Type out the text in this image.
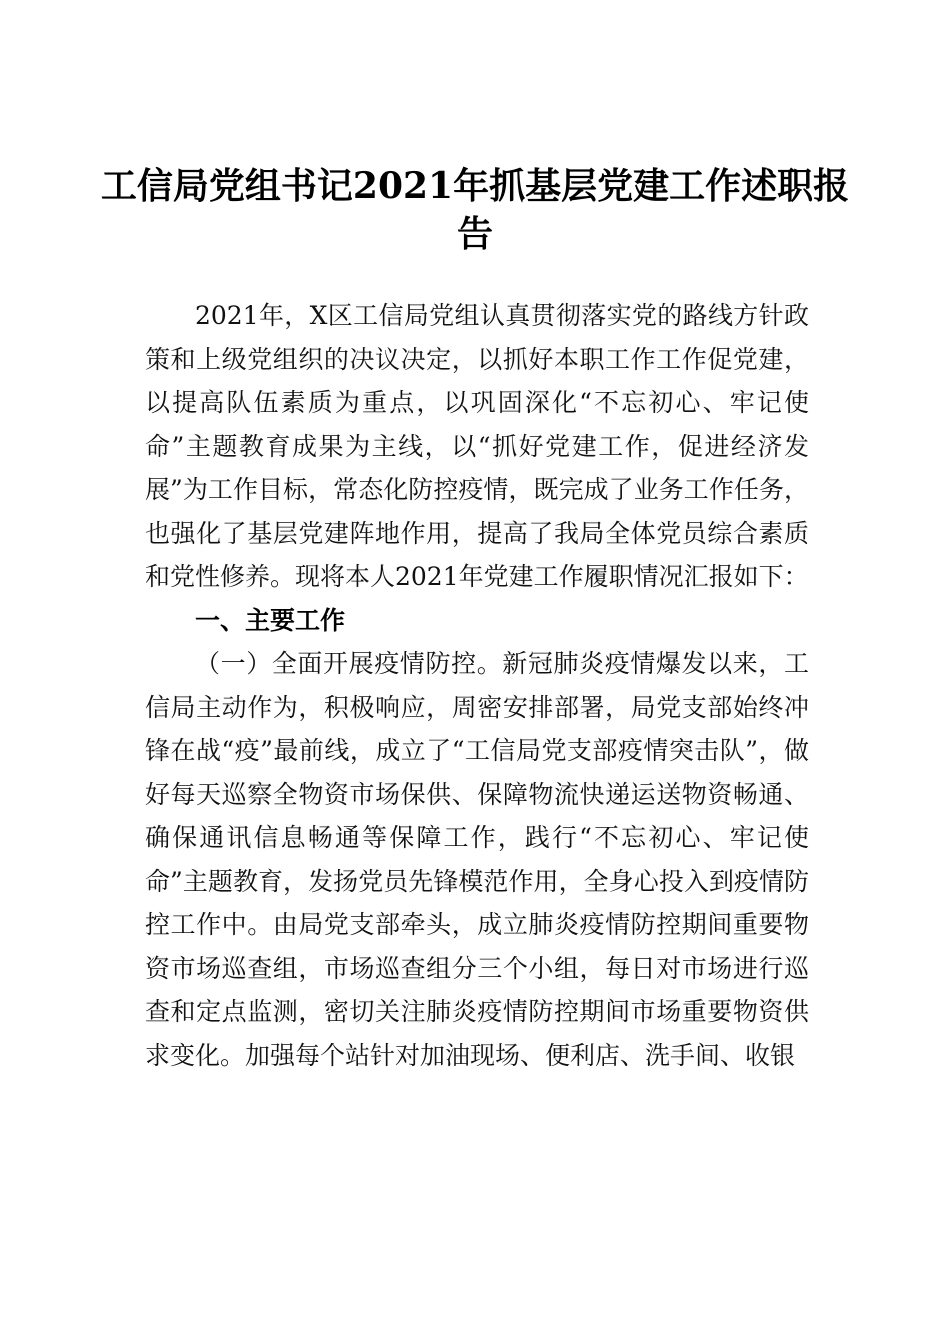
工信局党组书记2021年抓基层党建工作述职报告

2021年，X区工信局党组认真贯彻落实党的路线方针政策和上级党组织的决议决定，以抓好本职工作工作促党建，以提高队伍素质为重点，以巩固深化“不忘初心、牢记使命”主题教育成果为主线，以“抓好党建工作，促进经济发展”为工作目标，常态化防控疫情，既完成了业务工作任务，也强化了基层党建阵地作用，提高了我局全体党员综合素质和党性修养。现将本人2021年党建工作履职情况汇报如下：

一、主要工作

（一）全面开展疫情防控。新冠肺炎疫情爆发以来，工信局主动作为，积极响应，周密安排部署，局党支部始终冲锋在战“疫”最前线，成立了“工信局党支部疫情突击队”，做好每天巡察全物资市场保供、保障物流快递运送物资畅通、确保通讯信息畅通等保障工作，践行“不忘初心、牢记使命”主题教育，发扬党员先锋模范作用，全身心投入到疫情防控工作中。由局党支部牵头，成立肺炎疫情防控期间重要物资市场巡查组，市场巡查组分三个小组，每日对市场进行巡查和定点监测，密切关注肺炎疫情防控期间市场重要物资供求变化。加强每个站针对加油现场、便利店、洗手间、收银
